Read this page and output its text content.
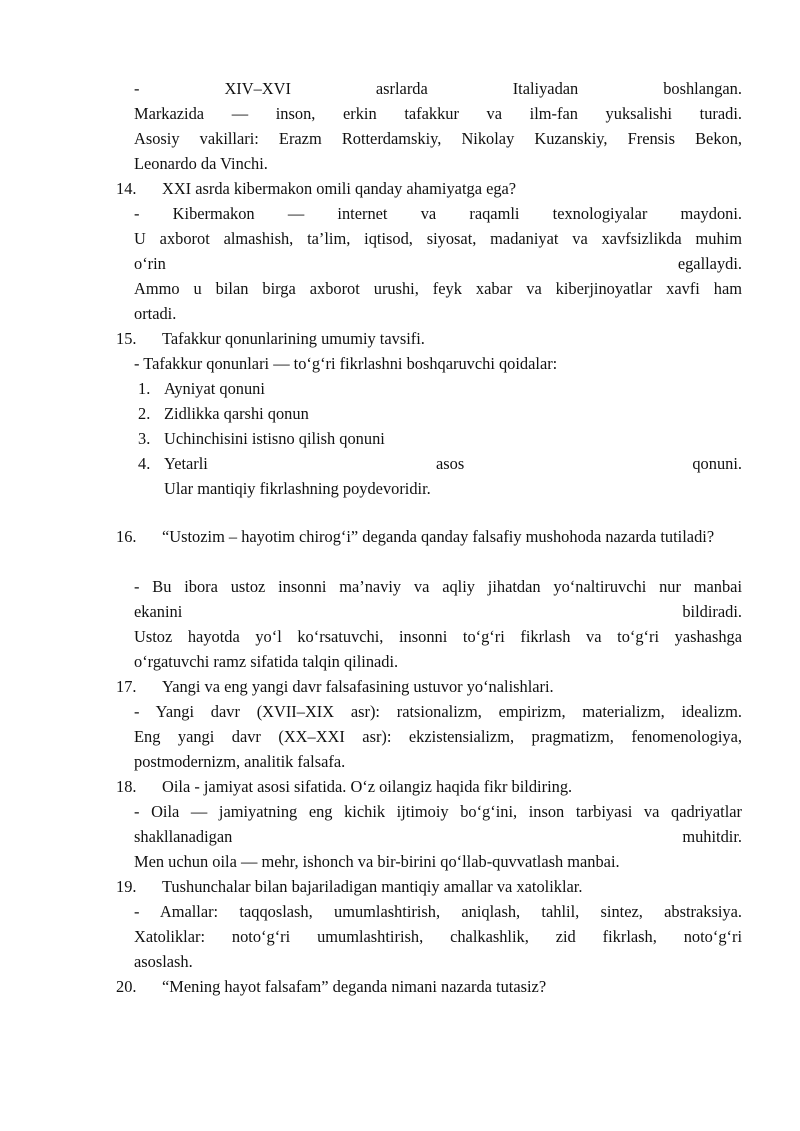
-	XIV–XVI	asrlarda	Italiyadan	boshlangan.
Markazida — inson, erkin tafakkur va ilm-fan yuksalishi turadi.
Asosiy vakillari: Erazm Rotterdamskiy, Nikolay Kuzanskiy, Frensis Bekon,
Leonardo da Vinchi.
14. XXI asrda kibermakon omili qanday ahamiyatga ega?
- Kibermakon — internet va raqamli texnologiyalar maydoni.
U axborot almashish, ta’lim, iqtisod, siyosat, madaniyat va xavfsizlikda muhim
o‘rin	egallaydi.
Ammo u bilan birga axborot urushi, feyk xabar va kiberjinoyatlar xavfi ham
ortadi.
15. Tafakkur qonunlarining umumiy tavsifi.
- Tafakkur qonunlari — to‘g‘ri fikrlashni boshqaruvchi qoidalar:
1. Ayniyat qonuni
2. Zidlikka qarshi qonun
3. Uchinchisini istisno qilish qonuni
4. Yetarli	asos	qonuni.
Ular mantiqiy fikrlashning poydevoridir.
16.	“Ustozim – hayotim chirog‘i” deganda qanday falsafiy mushohoda nazarda tutiladi?
- Bu ibora ustoz insonni ma’naviy va aqliy jihatdan yo‘naltiruvchi nur manbai
ekanini	bildiradi.
Ustoz hayotda yo‘l ko‘rsatuvchi, insonni to‘g‘ri fikrlash va to‘g‘ri yashashga
o‘rgatuvchi ramz sifatida talqin qilinadi.
17. Yangi va eng yangi davr falsafasining ustuvor yo‘nalishlari.
- Yangi davr (XVII–XIX asr): ratsionalizm, empirizm, materializm, idealizm.
Eng yangi davr (XX–XXI asr): ekzistensializm, pragmatizm, fenomenologiya,
postmodernizm, analitik falsafa.
18. Oila - jamiyat asosi sifatida. O‘z oilangiz haqida fikr bildiring.
- Oila — jamiyatning eng kichik ijtimoiy bo‘g‘ini, inson tarbiyasi va qadriyatlar
shakllanadigan	muhitdir.
Men uchun oila — mehr, ishonch va bir-birini qo‘llab-quvvatlash manbai.
19. Tushunchalar bilan bajariladigan mantiqiy amallar va xatoliklar.
- Amallar: taqqoslash, umumlashtirish, aniqlash, tahlil, sintez, abstraksiya.
Xatoliklar: noto‘g‘ri umumlashtirish, chalkashlik, zid fikrlash, noto‘g‘ri
asoslash.
20. “Mening hayot falsafam” deganda nimani nazarda tutasiz?
